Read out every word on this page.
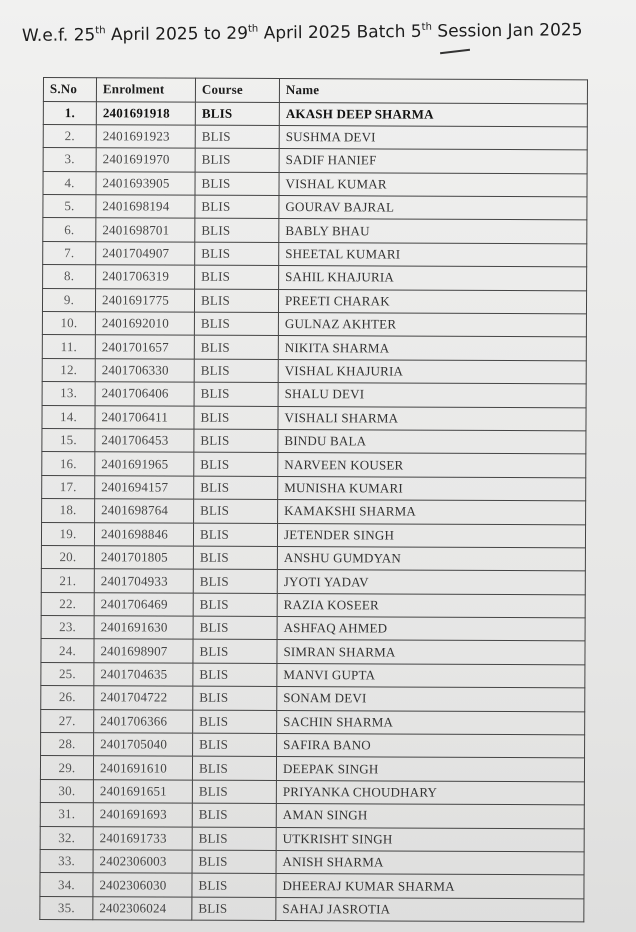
W.e.f. 25th April 2025 to 29th April 2025 Batch 5th Session Jan 2025
S.No	Enrolment	Course	Name
1.	2401691918	BLIS	AKASH DEEP SHARMA
2.	2401691923	BLIS	SUSHMA DEVI
3.	2401691970	BLIS	SADIF HANIEF
4.	2401693905	BLIS	VISHAL KUMAR
5.	2401698194	BLIS	GOURAV BAJRAL
6.	2401698701	BLIS	BABLY BHAU
7.	2401704907	BLIS	SHEETAL KUMARI
8.	2401706319	BLIS	SAHIL KHAJURIA
9.	2401691775	BLIS	PREETI CHARAK
10.	2401692010	BLIS	GULNAZ AKHTER
11.	2401701657	BLIS	NIKITA SHARMA
12.	2401706330	BLIS	VISHAL KHAJURIA
13.	2401706406	BLIS	SHALU DEVI
14.	2401706411	BLIS	VISHALI SHARMA
15.	2401706453	BLIS	BINDU BALA
16.	2401691965	BLIS	NARVEEN KOUSER
17.	2401694157	BLIS	MUNISHA KUMARI
18.	2401698764	BLIS	KAMAKSHI SHARMA
19.	2401698846	BLIS	JETENDER SINGH
20.	2401701805	BLIS	ANSHU GUMDYAN
21.	2401704933	BLIS	JYOTI YADAV
22.	2401706469	BLIS	RAZIA KOSEER
23.	2401691630	BLIS	ASHFAQ AHMED
24.	2401698907	BLIS	SIMRAN SHARMA
25.	2401704635	BLIS	MANVI GUPTA
26.	2401704722	BLIS	SONAM DEVI
27.	2401706366	BLIS	SACHIN SHARMA
28.	2401705040	BLIS	SAFIRA BANO
29.	2401691610	BLIS	DEEPAK SINGH
30.	2401691651	BLIS	PRIYANKA CHOUDHARY
31.	2401691693	BLIS	AMAN SINGH
32.	2401691733	BLIS	UTKRISHT SINGH
33.	2402306003	BLIS	ANISH SHARMA
34.	2402306030	BLIS	DHEERAJ KUMAR SHARMA
35.	2402306024	BLIS	SAHAJ JASROTIA
